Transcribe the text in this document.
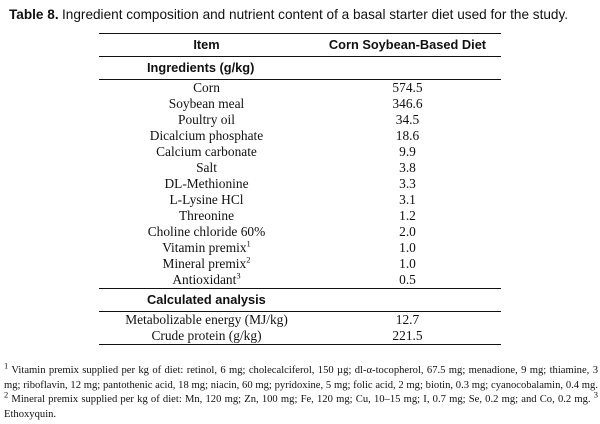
Table 8. Ingredient composition and nutrient content of a basal starter diet used for the study.
Item	Corn Soybean-Based Diet
Ingredients (g/kg)	
Corn	574.5
Soybean meal	346.6
Poultry oil	34.5
Dicalcium phosphate	18.6
Calcium carbonate	9.9
Salt	3.8
DL-Methionine	3.3
L-Lysine HCl	3.1
Threonine	1.2
Choline chloride 60%	2.0
Vitamin premix$^1$	1.0
Mineral premix$^2$	1.0
Antioxidant$^3$	0.5
Calculated analysis	
Metabolizable energy (MJ/kg)	12.7
Crude protein (g/kg)	221.5
$^1$ Vitamin premix supplied per kg of diet: retinol, 6 mg; cholecalciferol, 150 µg; dl-α-tocopherol, 67.5 mg; menadione, 9 mg; thiamine, 3 mg; riboflavin, 12 mg; pantothenic acid, 18 mg; niacin, 60 mg; pyridoxine, 5 mg; folic acid, 2 mg; biotin, 0.3 mg; cyanocobalamin, 0.4 mg. $^2$ Mineral premix supplied per kg of diet: Mn, 120 mg; Zn, 100 mg; Fe, 120 mg; Cu, 10–15 mg; I, 0.7 mg; Se, 0.2 mg; and Co, 0.2 mg. $^3$ Ethoxyquin.
